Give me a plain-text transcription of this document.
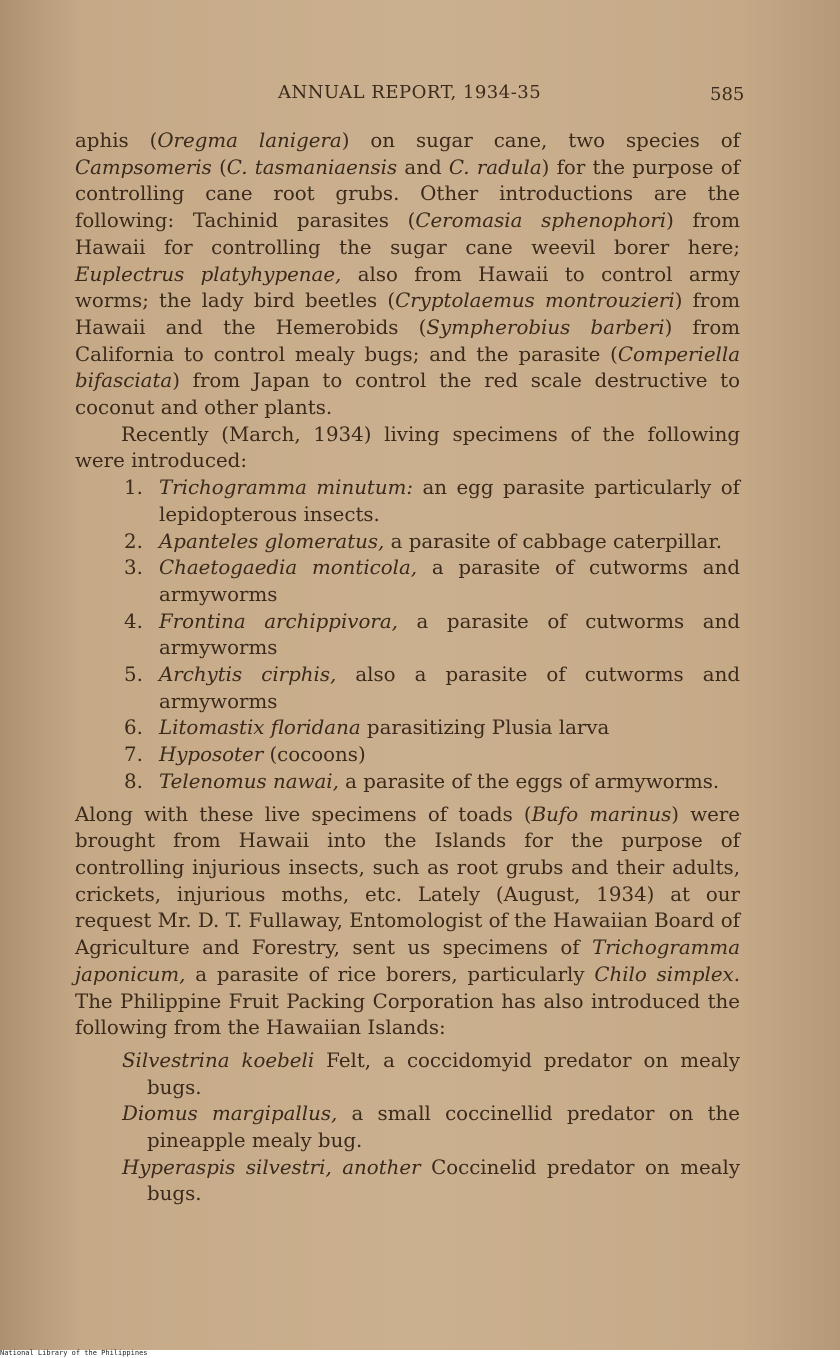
ANNUAL REPORT, 1934-35	585

aphis (Oregma lanigera) on sugar cane, two species of Campsomeris (C. tasmaniaensis and C. radula) for the purpose of controlling cane root grubs. Other introductions are the following: Tachinid parasites (Ceromasia sphenophori) from Hawaii for controlling the sugar cane weevil borer here; Euplectrus platyhypenae, also from Hawaii to control army worms; the lady bird beetles (Cryptolaemus montrouzieri) from Hawaii and the Hemerobids (Sympherobius barberi) from California to control mealy bugs; and the parasite (Comperiella bifasciata) from Japan to control the red scale destructive to coconut and other plants.

Recently (March, 1934) living specimens of the following were introduced:

1. Trichogramma minutum: an egg parasite particularly of lepidopterous insects.
2. Apanteles glomeratus, a parasite of cabbage caterpillar.
3. Chaetogaedia monticola, a parasite of cutworms and armyworms
4. Frontina archippivora, a parasite of cutworms and armyworms
5. Archytis cirphis, also a parasite of cutworms and armyworms
6. Litomastix floridana parasitizing Plusia larva
7. Hyposoter (cocoons)
8. Telenomus nawai, a parasite of the eggs of armyworms.

Along with these live specimens of toads (Bufo marinus) were brought from Hawaii into the Islands for the purpose of controlling injurious insects, such as root grubs and their adults, crickets, injurious moths, etc. Lately (August, 1934) at our request Mr. D. T. Fullaway, Entomologist of the Hawaiian Board of Agriculture and Forestry, sent us specimens of Trichogramma japonicum, a parasite of rice borers, particularly Chilo simplex. The Philippine Fruit Packing Corporation has also introduced the following from the Hawaiian Islands:

Silvestrina koebeli Felt, a coccidomyid predator on mealy bugs.
Diomus margipallus, a small coccinellid predator on the pineapple mealy bug.
Hyperaspis silvestri, another Coccinelid predator on mealy bugs.
National Library of the Philippines
